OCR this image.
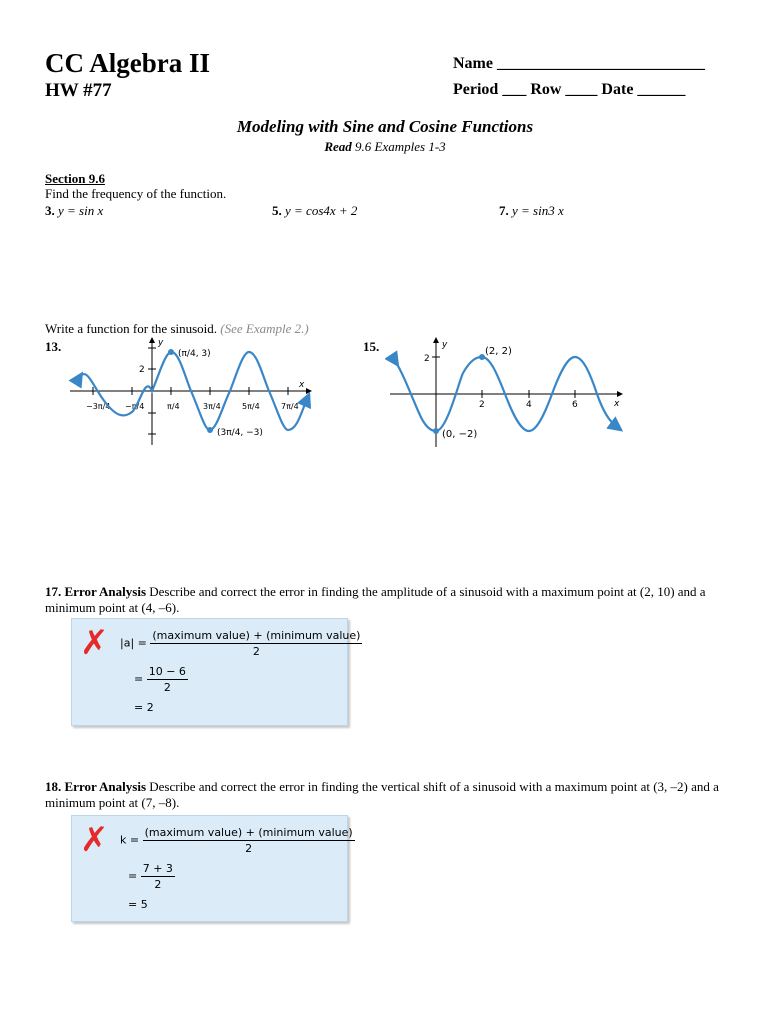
CC Algebra II
HW #77
Name __________________________
Period ___ Row ____ Date ______
Modeling with Sine and Cosine Functions
Read 9.6 Examples 1-3
Section 9.6
Find the frequency of the function.
3. y = sin x	5. y = cos4x + 2	7. y = sin3 x
Write a function for the sinusoid. (See Example 2.)
13.	15.
x
y
2
−3π/4 −π/4	π/4	3π/4	5π/4	7π/4
(π/4, 3)
(3π/4, −3)
x
y
2
2	4	6
(2, 2)
(0, −2)
17. Error Analysis Describe and correct the error in finding the amplitude of a sinusoid with a maximum point at (2, 10) and a minimum point at (4, –6).
✗ $|a| = \frac{\text{(maximum value) + (minimum value)}}{2}$
= $\frac{10 - 6}{2}$
= 2
18. Error Analysis Describe and correct the error in finding the vertical shift of a sinusoid with a maximum point at (3, –2) and a minimum point at (7, –8).
✗ $k = \frac{\text{(maximum value) + (minimum value)}}{2}$
= $\frac{7 + 3}{2}$
= 5
